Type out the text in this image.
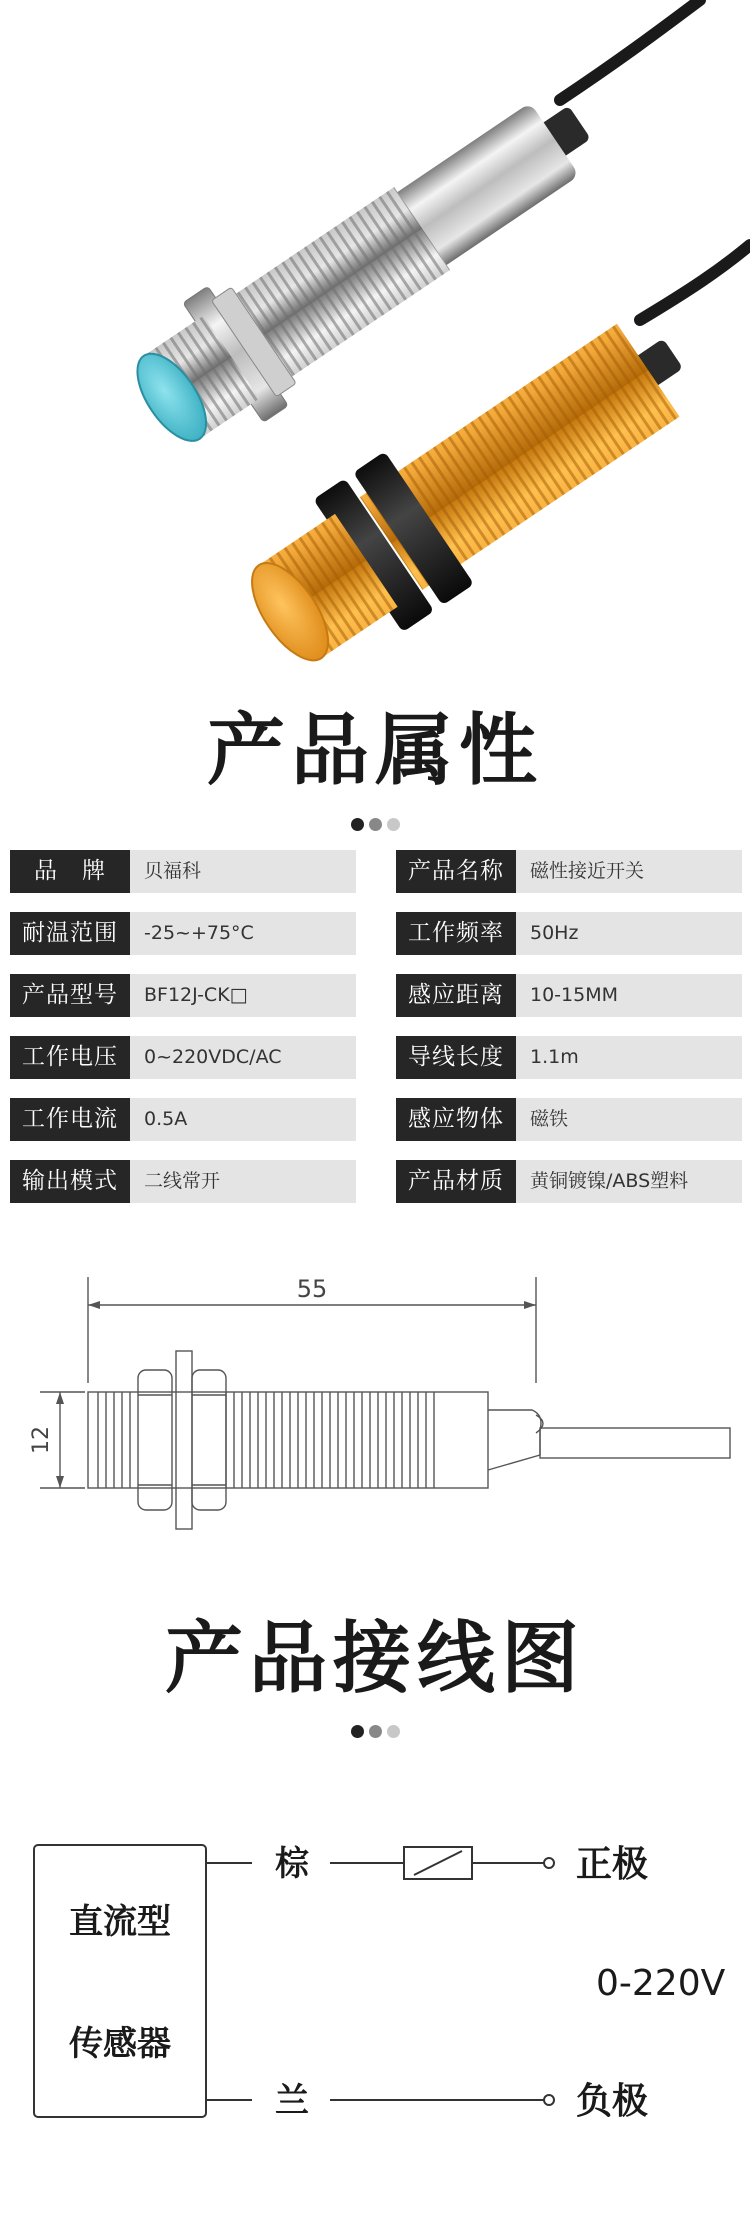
产品属性
品　牌	贝福科	产品名称	磁性接近开关
耐温范围	-25~+75°C	工作频率	50Hz
产品型号	BF12J-CK□	感应距离	10-15MM
工作电压	0~220VDC/AC	导线长度	1.1m
工作电流	0.5A	感应物体	磁铁
输出模式	二线常开	产品材质	黄铜镀镍/ABS塑料
55
12
产品接线图
直流型
传感器
棕	正极
0-220V
兰	负极
